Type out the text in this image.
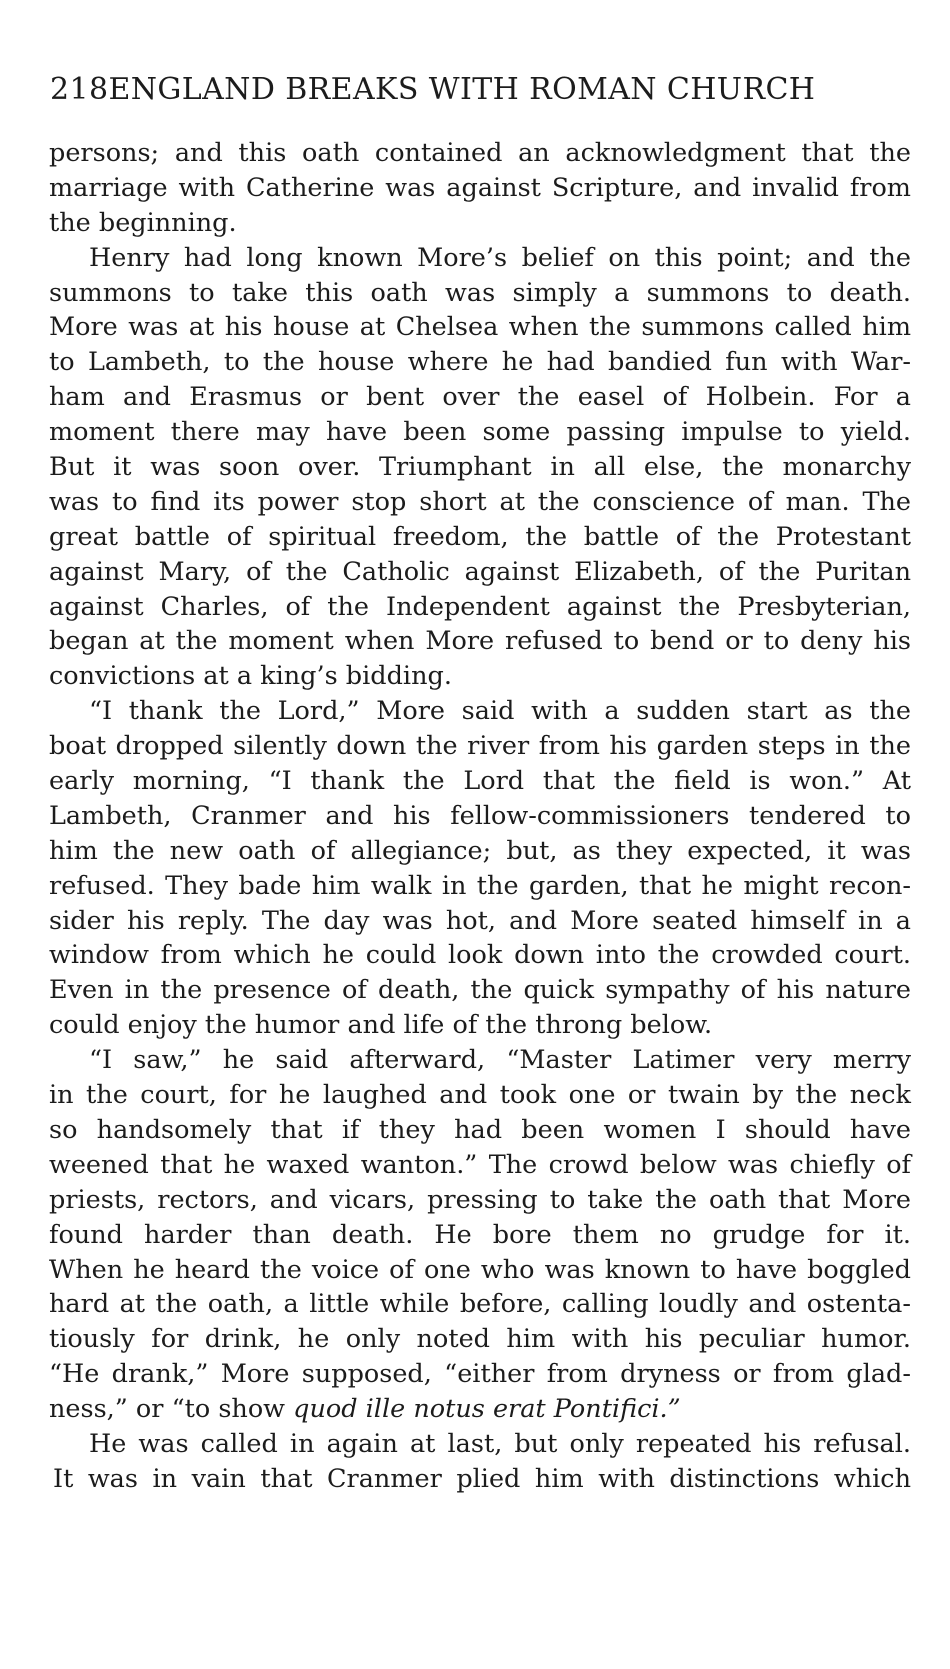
218ENGLAND BREAKS WITH ROMAN CHURCH
persons; and this oath contained an acknowledgment that the
marriage with Catherine was against Scripture, and invalid from
the beginning.
Henry had long known More’s belief on this point; and the
summons to take this oath was simply a summons to death.
More was at his house at Chelsea when the summons called him
to Lambeth, to the house where he had bandied fun with War-
ham and Erasmus or bent over the easel of Holbein. For a
moment there may have been some passing impulse to yield.
But it was soon over. Triumphant in all else, the monarchy
was to find its power stop short at the conscience of man. The
great battle of spiritual freedom, the battle of the Protestant
against Mary, of the Catholic against Elizabeth, of the Puritan
against Charles, of the Independent against the Presbyterian,
began at the moment when More refused to bend or to deny his
convictions at a king’s bidding.
“I thank the Lord,” More said with a sudden start as the
boat dropped silently down the river from his garden steps in the
early morning, “I thank the Lord that the field is won.” At
Lambeth, Cranmer and his fellow-commissioners tendered to
him the new oath of allegiance; but, as they expected, it was
refused. They bade him walk in the garden, that he might recon-
sider his reply. The day was hot, and More seated himself in a
window from which he could look down into the crowded court.
Even in the presence of death, the quick sympathy of his nature
could enjoy the humor and life of the throng below.
“I saw,” he said afterward, “Master Latimer very merry
in the court, for he laughed and took one or twain by the neck
so handsomely that if they had been women I should have
weened that he waxed wanton.” The crowd below was chiefly of
priests, rectors, and vicars, pressing to take the oath that More
found harder than death. He bore them no grudge for it.
When he heard the voice of one who was known to have boggled
hard at the oath, a little while before, calling loudly and ostenta-
tiously for drink, he only noted him with his peculiar humor.
“He drank,” More supposed, “either from dryness or from glad-
ness,” or “to show quod ille notus erat Pontifici.”
He was called in again at last, but only repeated his refusal.
It was in vain that Cranmer plied him with distinctions which
